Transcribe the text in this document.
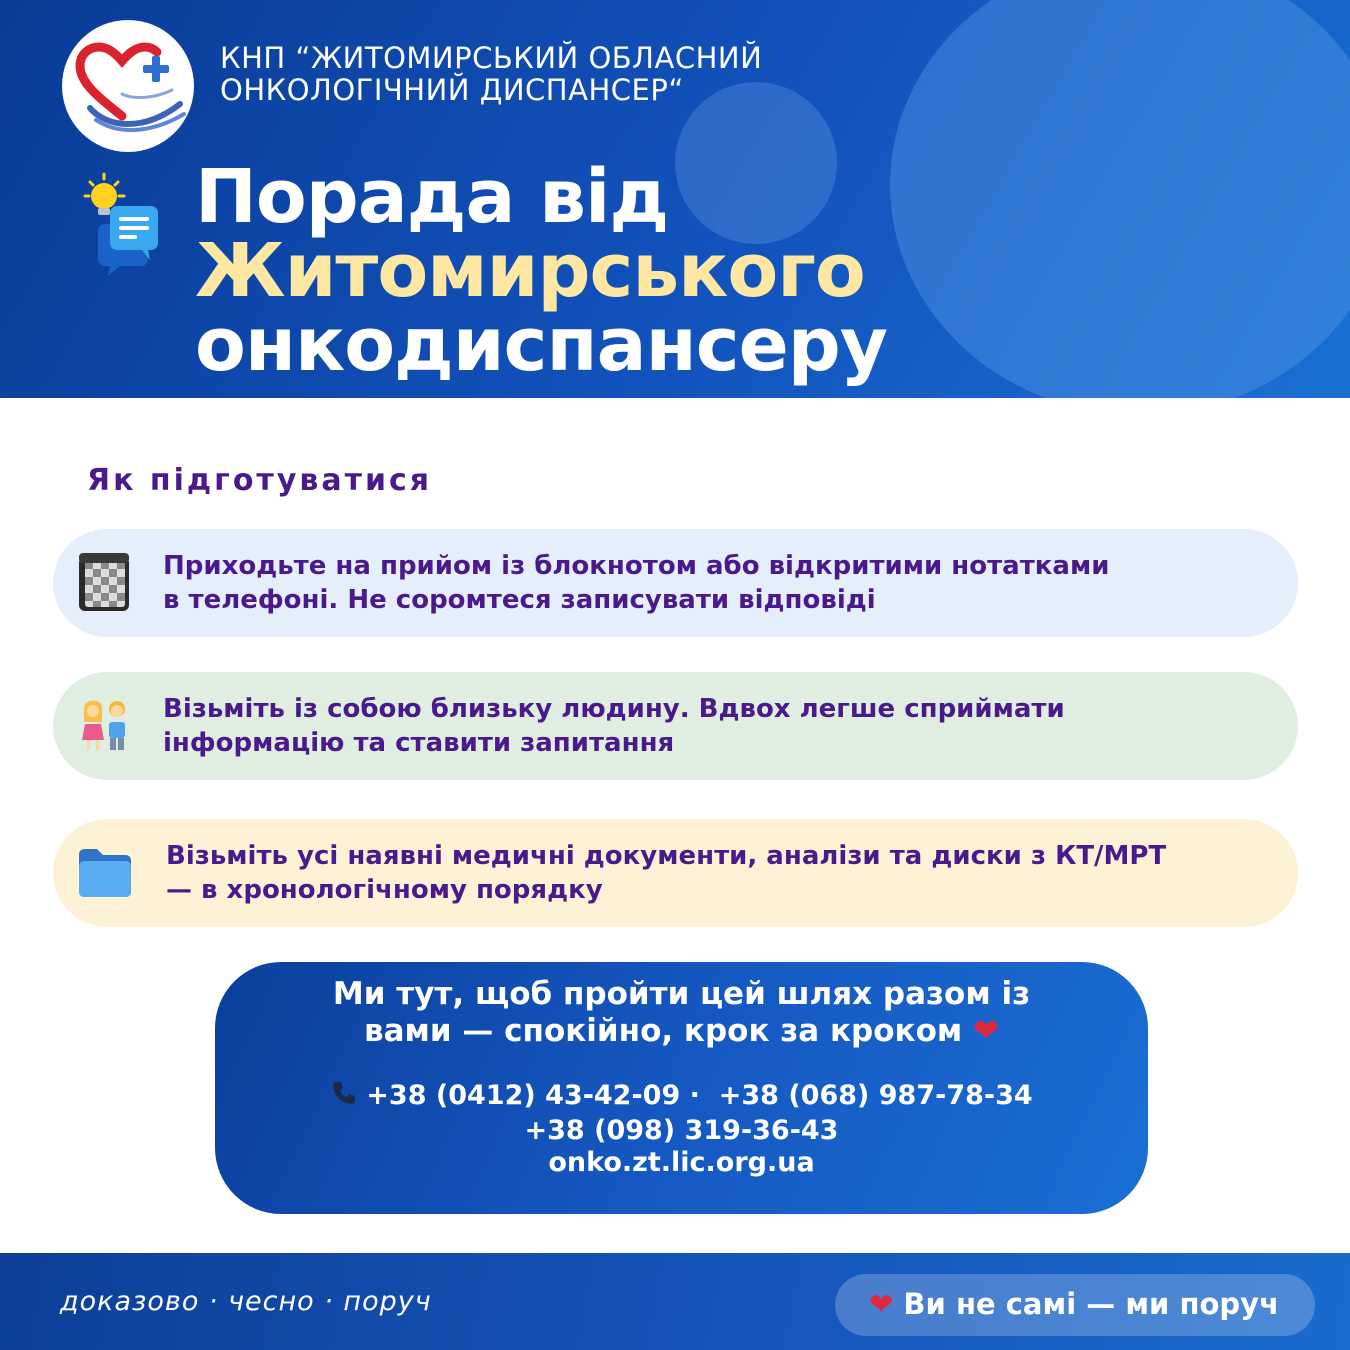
КНП “ЖИТОМИРСЬКИЙ ОБЛАСНИЙ
ОНКОЛОГІЧНИЙ ДИСПАНСЕР“
Порада від
Житомирського
онкодиспансеру
Як підготуватися
Приходьте на прийом із блокнотом або відкритими нотатками
в телефоні. Не соромтеся записувати відповіді
Візьміть із собою близьку людину. Вдвох легше сприймати
інформацію та ставити запитання
Візьміть усі наявні медичні документи, аналізи та диски з КТ/МРТ
— в хронологічному порядку
Ми тут, щоб пройти цей шлях разом із
вами — спокійно, крок за кроком ❤
+38 (0412) 43-42-09 · +38 (068) 987-78-34
+38 (098) 319-36-43
onko.zt.lic.org.ua
доказово · чесно · поруч	❤ Ви не самі — ми поруч
